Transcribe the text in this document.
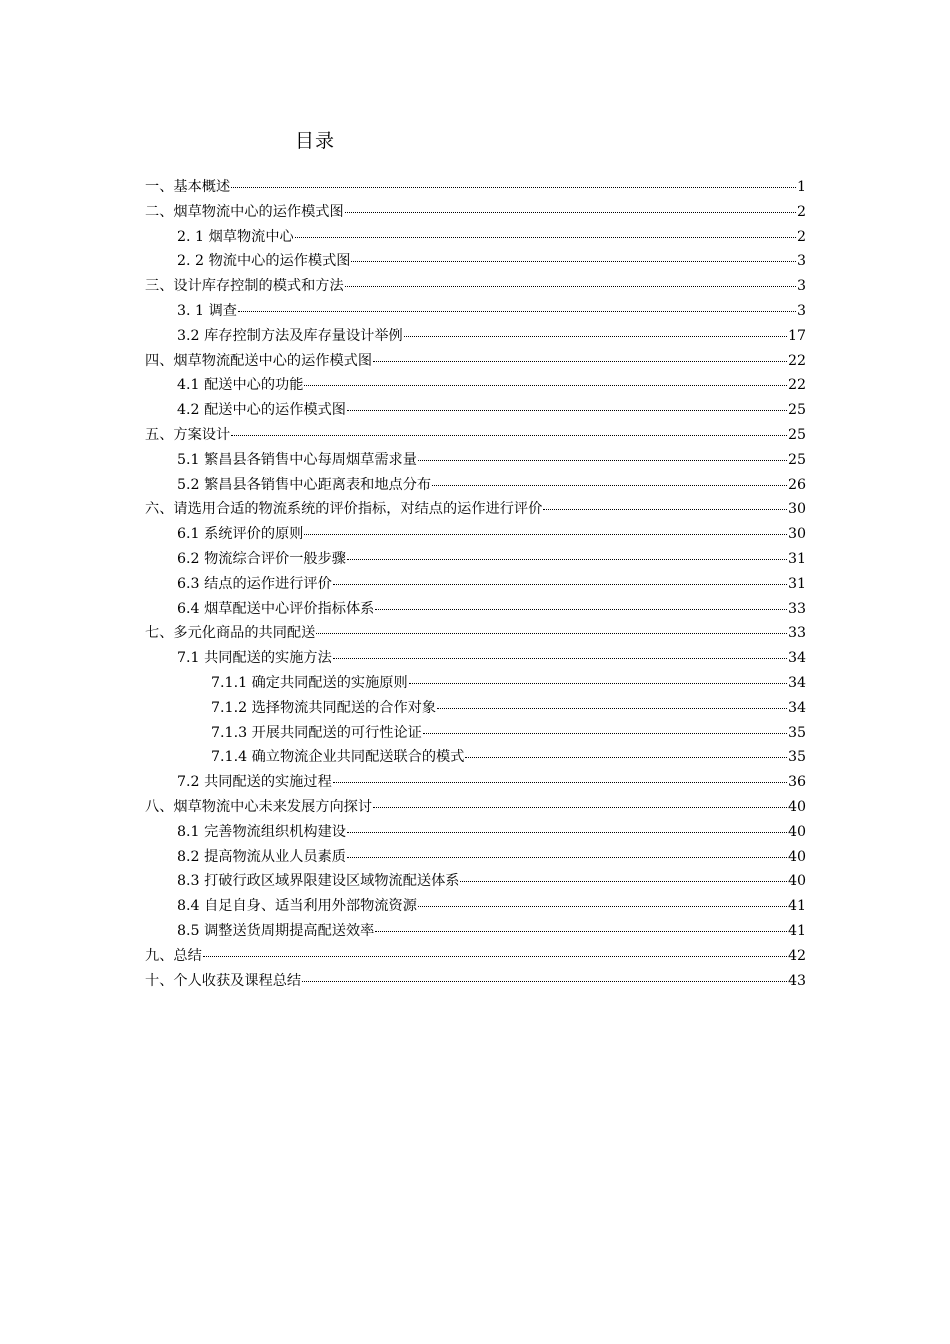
目录
一、基本概述	1
二、烟草物流中心的运作模式图	2
2. 1 烟草物流中心	2
2. 2 物流中心的运作模式图	3
三、设计库存控制的模式和方法	3
3. 1 调查	3
3.2 库存控制方法及库存量设计举例	17
四、烟草物流配送中心的运作模式图	22
4.1 配送中心的功能	22
4.2 配送中心的运作模式图	25
五、方案设计	25
5.1 繁昌县各销售中心每周烟草需求量	25
5.2 繁昌县各销售中心距离表和地点分布	26
六、请选用合适的物流系统的评价指标，对结点的运作进行评价	30
6.1 系统评价的原则	30
6.2 物流综合评价一般步骤	31
6.3 结点的运作进行评价	31
6.4 烟草配送中心评价指标体系	33
七、多元化商品的共同配送	33
7.1 共同配送的实施方法	34
7.1.1 确定共同配送的实施原则	34
7.1.2 选择物流共同配送的合作对象	34
7.1.3 开展共同配送的可行性论证	35
7.1.4 确立物流企业共同配送联合的模式	35
7.2 共同配送的实施过程	36
八、烟草物流中心未来发展方向探讨	40
8.1 完善物流组织机构建设	40
8.2 提高物流从业人员素质	40
8.3 打破行政区域界限建设区域物流配送体系	40
8.4 自足自身、适当利用外部物流资源	41
8.5 调整送货周期提高配送效率	41
九、总结	42
十、个人收获及课程总结	43
